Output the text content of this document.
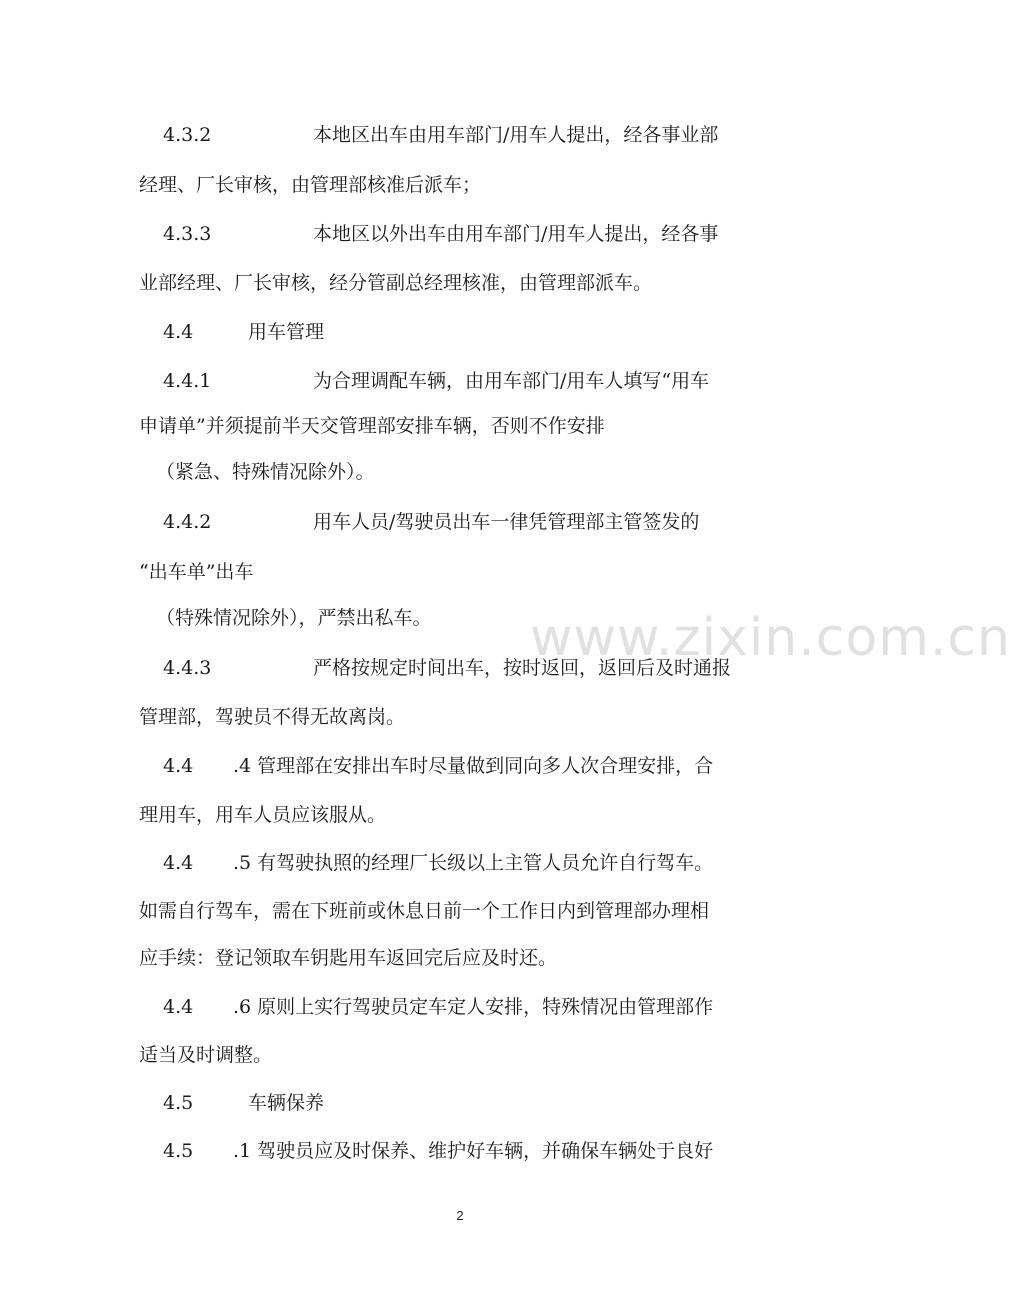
4.3.2	本地区出车由用车部门/用车人提出，经各事业部
经理、厂长审核，由管理部核准后派车；
4.3.3	本地区以外出车由用车部门/用车人提出，经各事
业部经理、厂长审核，经分管副总经理核准，由管理部派车。
4.4	用车管理
4.4.1	为合理调配车辆，由用车部门/用车人填写“用车
申请单”并须提前半天交管理部安排车辆，否则不作安排
（紧急、特殊情况除外）。
4.4.2	用车人员/驾驶员出车一律凭管理部主管签发的
“出车单”出车
（特殊情况除外），严禁出私车。
4.4.3	严格按规定时间出车，按时返回，返回后及时通报
管理部，驾驶员不得无故离岗。
4.4 .4 管理部在安排出车时尽量做到同向多人次合理安排，合
理用车，用车人员应该服从。
4.4 .5 有驾驶执照的经理厂长级以上主管人员允许自行驾车。
如需自行驾车，需在下班前或休息日前一个工作日内到管理部办理相
应手续：登记领取车钥匙用车返回完后应及时还。
4.4 .6 原则上实行驾驶员定车定人安排，特殊情况由管理部作
适当及时调整。
4.5	车辆保养
4.5 .1 驾驶员应及时保养、维护好车辆，并确保车辆处于良好
www.zixin.com.cn
2
